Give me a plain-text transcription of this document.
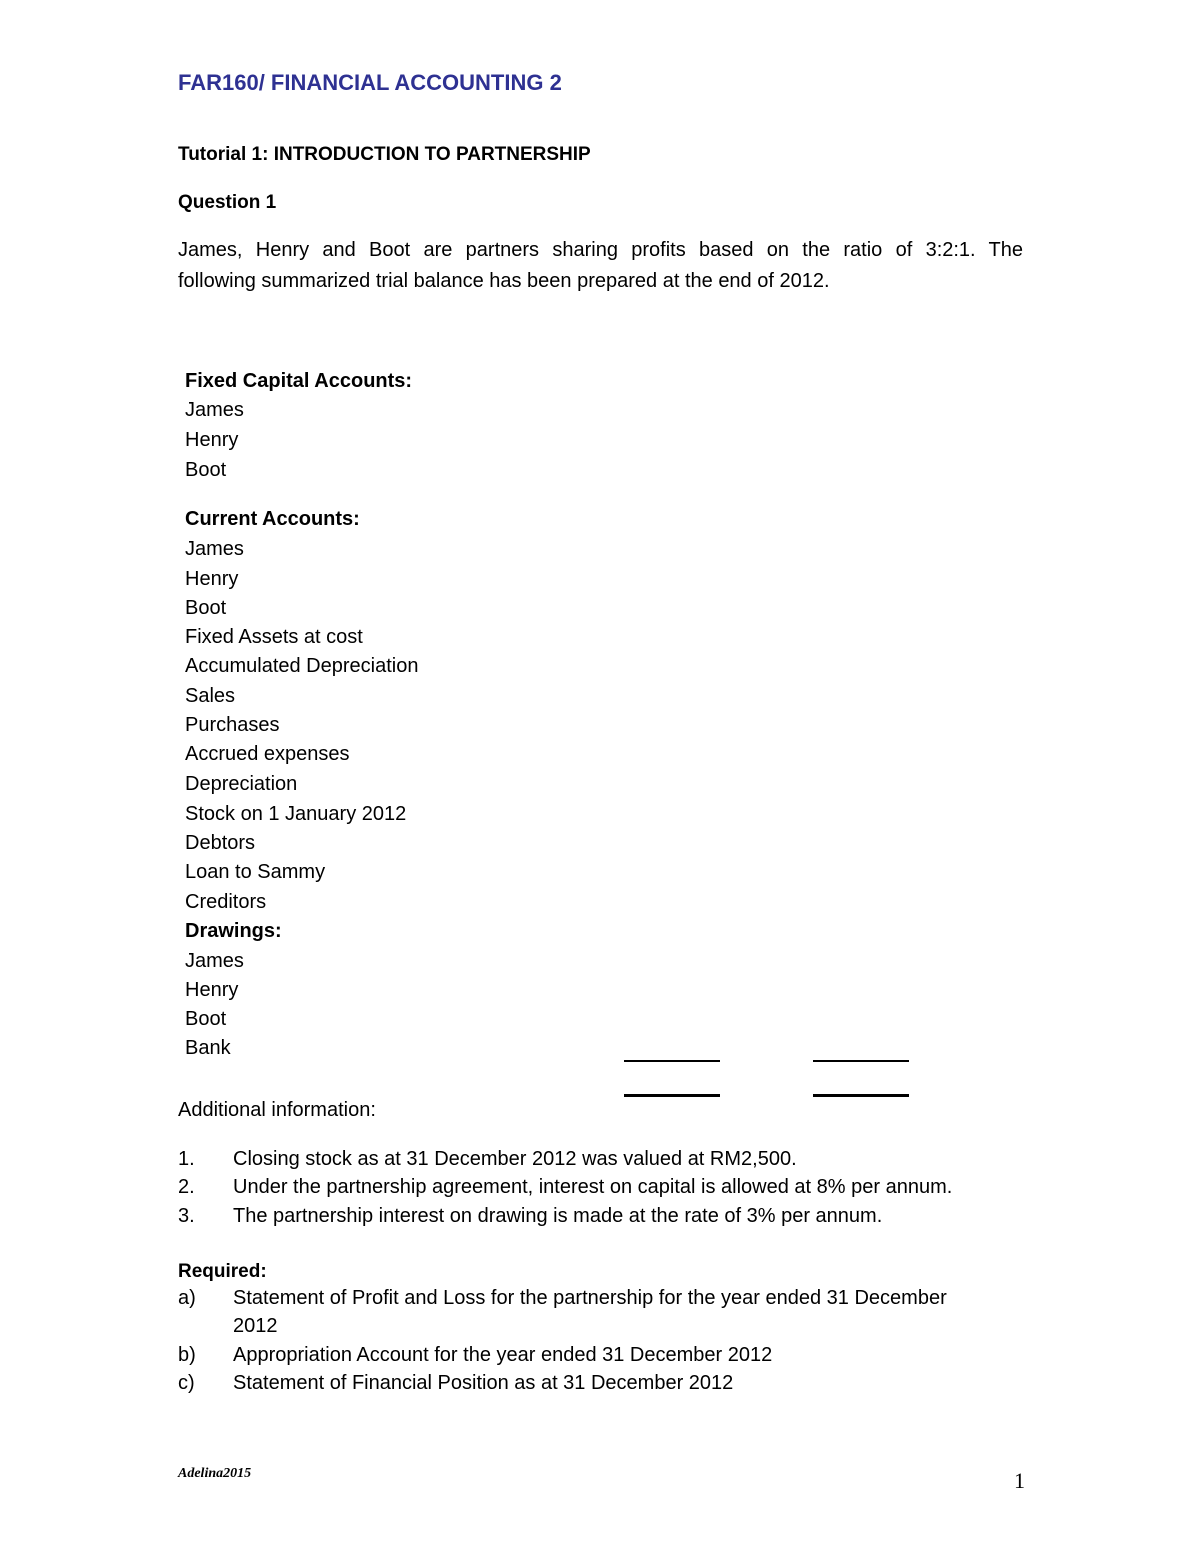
FAR160/ FINANCIAL ACCOUNTING 2
Tutorial 1: INTRODUCTION TO PARTNERSHIP
Question 1
James, Henry and Boot are partners sharing profits based on the ratio of 3:2:1. The
following summarized trial balance has been prepared at the end of 2012.
Fixed Capital Accounts:
James
Henry
Boot
Current Accounts:
James
Henry
Boot
Fixed Assets at cost
Accumulated Depreciation
Sales
Purchases
Accrued expenses
Depreciation
Stock on 1 January 2012
Debtors
Loan to Sammy
Creditors
Drawings:
James
Henry
Boot
Bank
Additional information:
1. Closing stock as at 31 December 2012 was valued at RM2,500.
2. Under the partnership agreement, interest on capital is allowed at 8% per annum.
3. The partnership interest on drawing is made at the rate of 3% per annum.
Required:
a) Statement of Profit and Loss for the partnership for the year ended 31 December
2012
b) Appropriation Account for the year ended 31 December 2012
c) Statement of Financial Position as at 31 December 2012
Adelina2015	1
